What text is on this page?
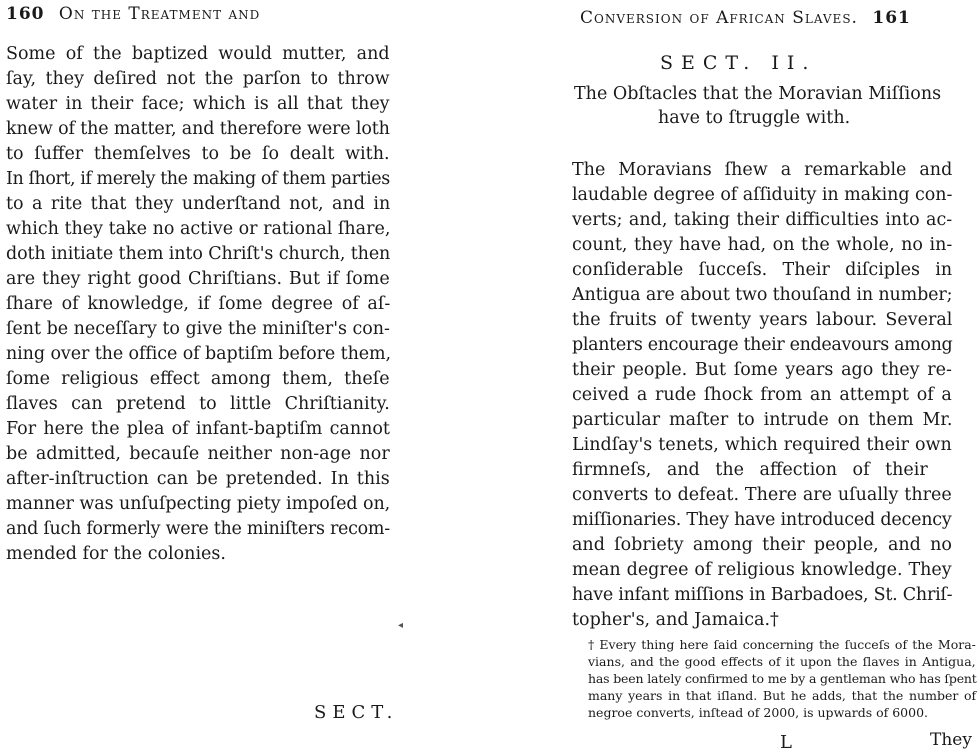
160 On the Treatment and
Some of the baptized would mutter, and
ſay, they deſired not the parſon to throw
water in their face; which is all that they
knew of the matter, and therefore were loth
to ſuffer themſelves to be ſo dealt with.
In ſhort, if merely the making of them parties
to a rite that they underſtand not, and in
which they take no active or rational ſhare,
doth initiate them into Chriſt's church, then
are they right good Chriſtians. But if ſome
ſhare of knowledge, if ſome degree of aſ-
ſent be neceſſary to give the miniſter's con-
ning over the office of baptiſm before them,
ſome religious effect among them, theſe
ſlaves can pretend to little Chriſtianity.
For here the plea of infant-baptiſm cannot
be admitted, becauſe neither non-age nor
after-inſtruction can be pretended. In this
manner was unſuſpecting piety impoſed on,
and ſuch formerly were the miniſters recom-
mended for the colonies.
◂
SECT.
Conversion of African Slaves. 161
SECT. II.
The Obſtacles that the Moravian Miſſions
have to ſtruggle with.
The Moravians ſhew a remarkable and
laudable degree of aſſiduity in making con-
verts; and, taking their difficulties into ac-
count, they have had, on the whole, no in-
conſiderable ſucceſs. Their diſciples in
Antigua are about two thouſand in number;
the fruits of twenty years labour. Several
planters encourage their endeavours among
their people. But ſome years ago they re-
ceived a rude ſhock from an attempt of a
particular maſter to intrude on them Mr.
Lindſay's tenets, which required their own
firmneſs, and the affection of their
converts to defeat. There are uſually three
miſſionaries. They have introduced decency
and ſobriety among their people, and no
mean degree of religious knowledge. They
have infant miſſions in Barbadoes, St. Chriſ-
topher's, and Jamaica.†
† Every thing here ſaid concerning the ſucceſs of the Mora-
vians, and the good effects of it upon the ſlaves in Antigua,
has been lately confirmed to me by a gentleman who has ſpent
many years in that iſland. But he adds, that the number of
negroe converts, inſtead of 2000, is upwards of 6000.
L	They
